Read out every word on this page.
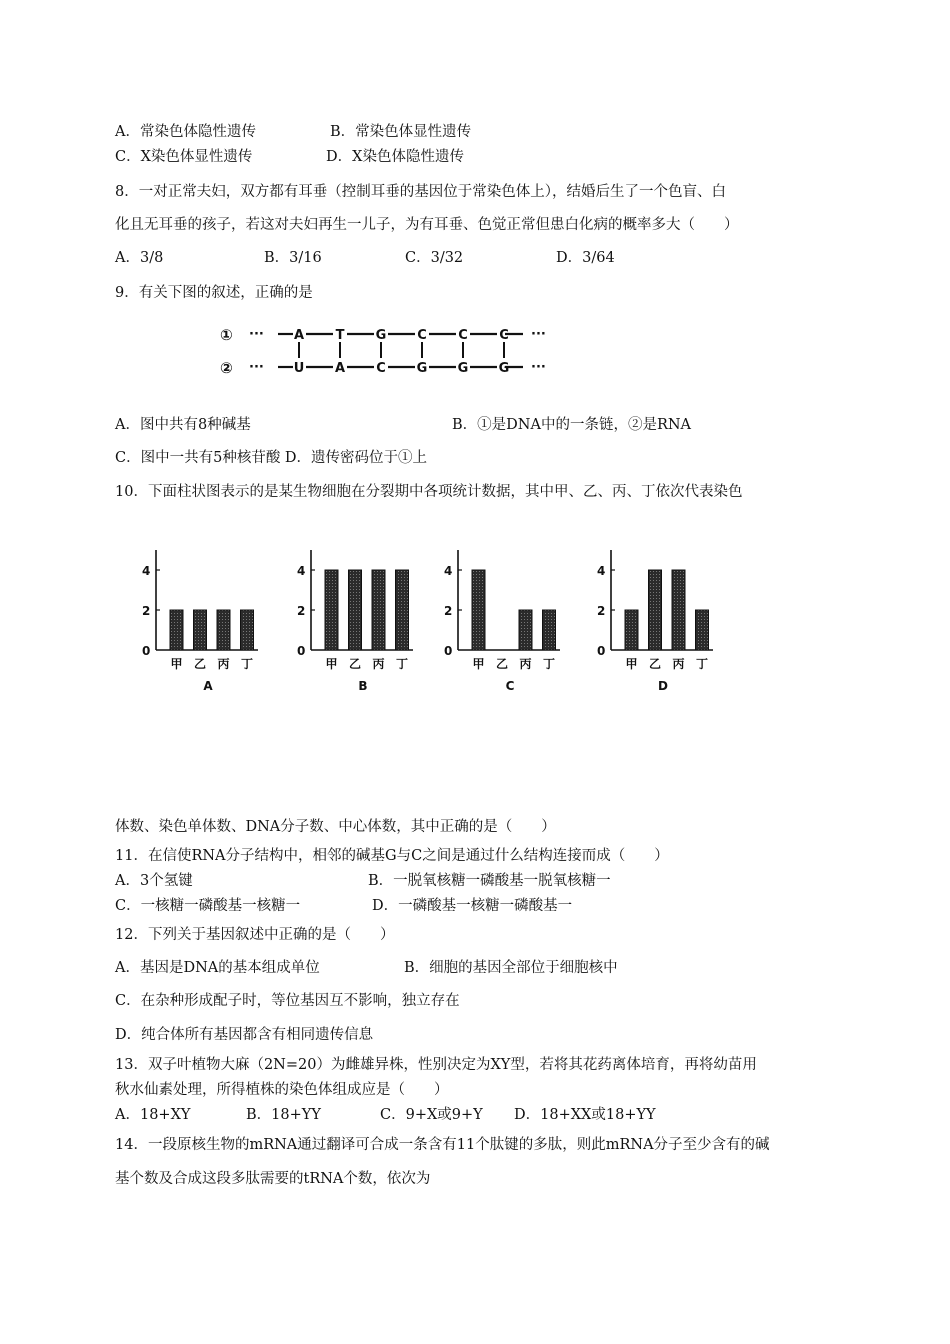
A．常染色体隐性遗传	B．常染色体显性遗传
C．X染色体显性遗传	D．X染色体隐性遗传
8．一对正常夫妇，双方都有耳垂（控制耳垂的基因位于常染色体上），结婚后生了一个色盲、白
化且无耳垂的孩子，若这对夫妇再生一儿子，为有耳垂、色觉正常但患白化病的概率多大（　　）
A．3/8	B．3/16	C．3/32	D．3/64
9．有关下图的叙述，正确的是
①
②
···
···
···
···
A
U
T
A
G
C
C
G
C
G
C
G
A．图中共有8种碱基	B．①是DNA中的一条链，②是RNA
C．图中一共有5种核苷酸 D．遗传密码位于①上
10．下面柱状图表示的是某生物细胞在分裂期中各项统计数据，其中甲、乙、丙、丁依次代表染色
0
2
4
甲 乙 丙 丁
A
0
2
4
甲 乙 丙 丁
B
0
2
4
甲 乙 丙 丁
C
0
2
4
甲 乙 丙 丁
D
体数、染色单体数、DNA分子数、中心体数，其中正确的是（　　）
11．在信使RNA分子结构中，相邻的碱基G与C之间是通过什么结构连接而成（　　）
A．3个氢键	B．一脱氧核糖一磷酸基一脱氧核糖一
C．一核糖一磷酸基一核糖一	D．一磷酸基一核糖一磷酸基一
12．下列关于基因叙述中正确的是（　　）
A．基因是DNA的基本组成单位	B．细胞的基因全部位于细胞核中
C．在杂种形成配子时，等位基因互不影响，独立存在
D．纯合体所有基因都含有相同遗传信息
13．双子叶植物大麻（2N=20）为雌雄异株，性别决定为XY型，若将其花药离体培育，再将幼苗用
秋水仙素处理，所得植株的染色体组成应是（　　）
A．18+XY	B．18+YY	C．9+X或9+Y D．18+XX或18+YY
14．一段原核生物的mRNA通过翻译可合成一条含有11个肽键的多肽，则此mRNA分子至少含有的碱
基个数及合成这段多肽需要的tRNA个数，依次为
